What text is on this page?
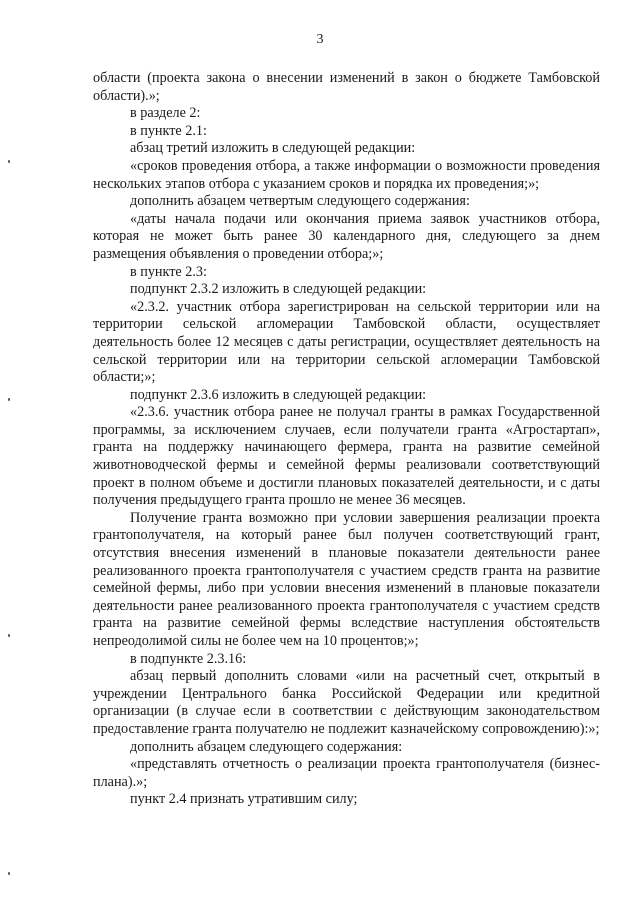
3

области (проекта закона о внесении изменений в закон о бюджете Тамбовской области).»;

в разделе 2:

в пункте 2.1:

абзац третий изложить в следующей редакции:

«сроков проведения отбора, а также информации о возможности проведения нескольких этапов отбора с указанием сроков и порядка их проведения;»;

дополнить абзацем четвертым следующего содержания:

«даты начала подачи или окончания приема заявок участников отбора, которая не может быть ранее 30 календарного дня, следующего за днем размещения объявления о проведении отбора;»;

в пункте 2.3:

подпункт 2.3.2 изложить в следующей редакции:

«2.3.2. участник отбора зарегистрирован на сельской территории или на территории сельской агломерации Тамбовской области, осуществляет деятельность более 12 месяцев с даты регистрации, осуществляет деятельность на сельской территории или на территории сельской агломерации Тамбовской области;»;

подпункт 2.3.6 изложить в следующей редакции:

«2.3.6. участник отбора ранее не получал гранты в рамках Государственной программы, за исключением случаев, если получатели гранта «Агростартап», гранта на поддержку начинающего фермера, гранта на развитие семейной животноводческой фермы и семейной фермы реализовали соответствующий проект в полном объеме и достигли плановых показателей деятельности, и с даты получения предыдущего гранта прошло не менее 36 месяцев.

Получение гранта возможно при условии завершения реализации проекта грантополучателя, на который ранее был получен соответствующий грант, отсутствия внесения изменений в плановые показатели деятельности ранее реализованного проекта грантополучателя с участием средств гранта на развитие семейной фермы, либо при условии внесения изменений в плановые показатели деятельности ранее реализованного проекта грантополучателя с участием средств гранта на развитие семейной фермы вследствие наступления обстоятельств непреодолимой силы не более чем на 10 процентов;»;

в подпункте 2.3.16:

абзац первый дополнить словами «или на расчетный счет, открытый в учреждении Центрального банка Российской Федерации или кредитной организации (в случае если в соответствии с действующим законодательством предоставление гранта получателю не подлежит казначейскому сопровождению):»;

дополнить абзацем следующего содержания:

«представлять отчетность о реализации проекта грантополучателя (бизнес-плана).»;

пункт 2.4 признать утратившим силу;
